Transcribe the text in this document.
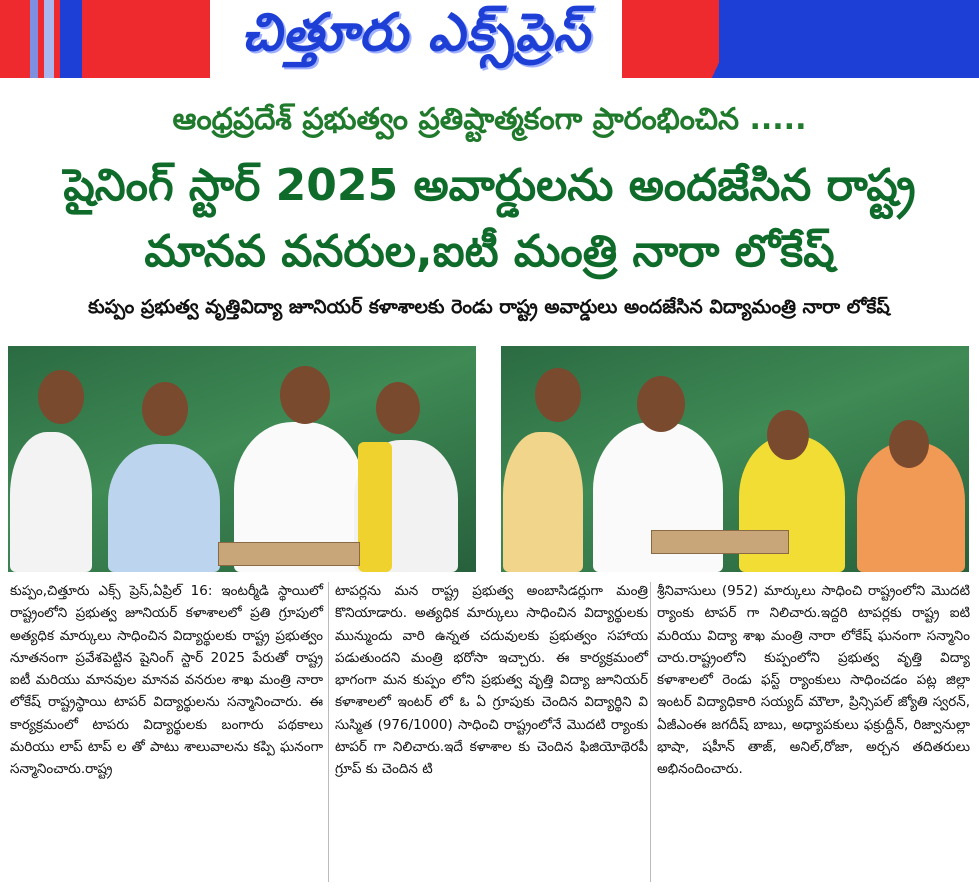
చిత్తూరు ఎక్స్‌ప్రెస్
ఆంధ్రప్రదేశ్ ప్రభుత్వం ప్రతిష్టాత్మకంగా ప్రారంభించిన .....
షైనింగ్ స్టార్ 2025 అవార్డులను అందజేసిన రాష్ట్ర
మానవ వనరుల,ఐటీ మంత్రి నారా లోకేష్
కుప్పం ప్రభుత్వ వృత్తివిద్యా జూనియర్ కళాశాలకు రెండు రాష్ట్ర అవార్డులు అందజేసిన విద్యామంత్రి నారా లోకేష్
కుప్పం,చిత్తూరు ఎక్స్ ప్రెస్,ఏప్రిల్ 16: ఇంటర్మీడి స్థాయిలో రాష్ట్రంలోని ప్రభుత్వ జూనియర్ కళాశాలలో ప్రతి గ్రూపులో అత్యధిక మార్కులు సాధించిన విద్యార్థులకు రాష్ట్ర ప్రభుత్వం నూతనంగా ప్రవేశపెట్టిన షైనింగ్ స్టార్ 2025 పేరుతో రాష్ట్ర ఐటీ మరియు మానవుల మానవ వనరుల శాఖ మంత్రి నారా లోకేష్ రాష్ట్రస్థాయి టాపర్ విద్యార్థులను సన్మానించారు. ఈ కార్యక్రమంలో టాపరు విద్యార్థులకు బంగారు పథకాలు మరియు లాప్ టాప్ ల తో పాటు శాలువాలను కప్పి ఘనంగా సన్మానించారు.రాష్ట్ర
టాపర్లను మన రాష్ట్ర ప్రభుత్వ అంబాసిడర్లుగా మంత్రి కొనియాడారు. అత్యధిక మార్కులు సాధించిన విద్యార్థులకు మున్ముందు వారి ఉన్నత చదువులకు ప్రభుత్వం సహాయ పడుతుందని మంత్రి భరోసా ఇచ్చారు. ఈ కార్యక్రమంలో భాగంగా మన కుప్పం లోని ప్రభుత్వ వృత్తి విద్యా జూనియర్ కళాశాలలో ఇంటర్ లో ఓ ఏ గ్రూపుకు చెందిన విద్యార్థిని వి సుస్మిత (976/1000) సాధించి రాష్ట్రంలోనే మొదటి ర్యాంకు టాపర్ గా నిలిచారు.ఇదే కళాశాల కు చెందిన ఫిజియోథెరపీ గ్రూప్ కు చెందిన టి
శ్రీనివాసులు (952) మార్కులు సాధించి రాష్ట్రంలోని మొదటి ర్యాంకు టాపర్ గా నిలిచారు.ఇద్దరి టాపర్లకు రాష్ట్ర ఐటి మరియు విద్యా శాఖ మంత్రి నారా లోకేష్ ఘనంగా సన్మానిం చారు.రాష్ట్రంలోని కుప్పంలోని ప్రభుత్వ వృత్తి విద్యా కళాశాలలో రెండు ఫస్ట్ ర్యాంకులు సాధించడం పట్ల జిల్లా ఇంటర్ విద్యాధికారి సయ్యద్ మౌలా, ప్రిన్సిపల్ జ్యోతి స్వరన్, ఏజీఎంఈ జగదీష్ బాబు, అధ్యాపకులు ఫక్రుద్దీన్, రిజ్వానుల్లా భాషా, షహీన్ తాజ్, అనిల్,రోజా, అర్చన తదితరులు అభినందించారు.
